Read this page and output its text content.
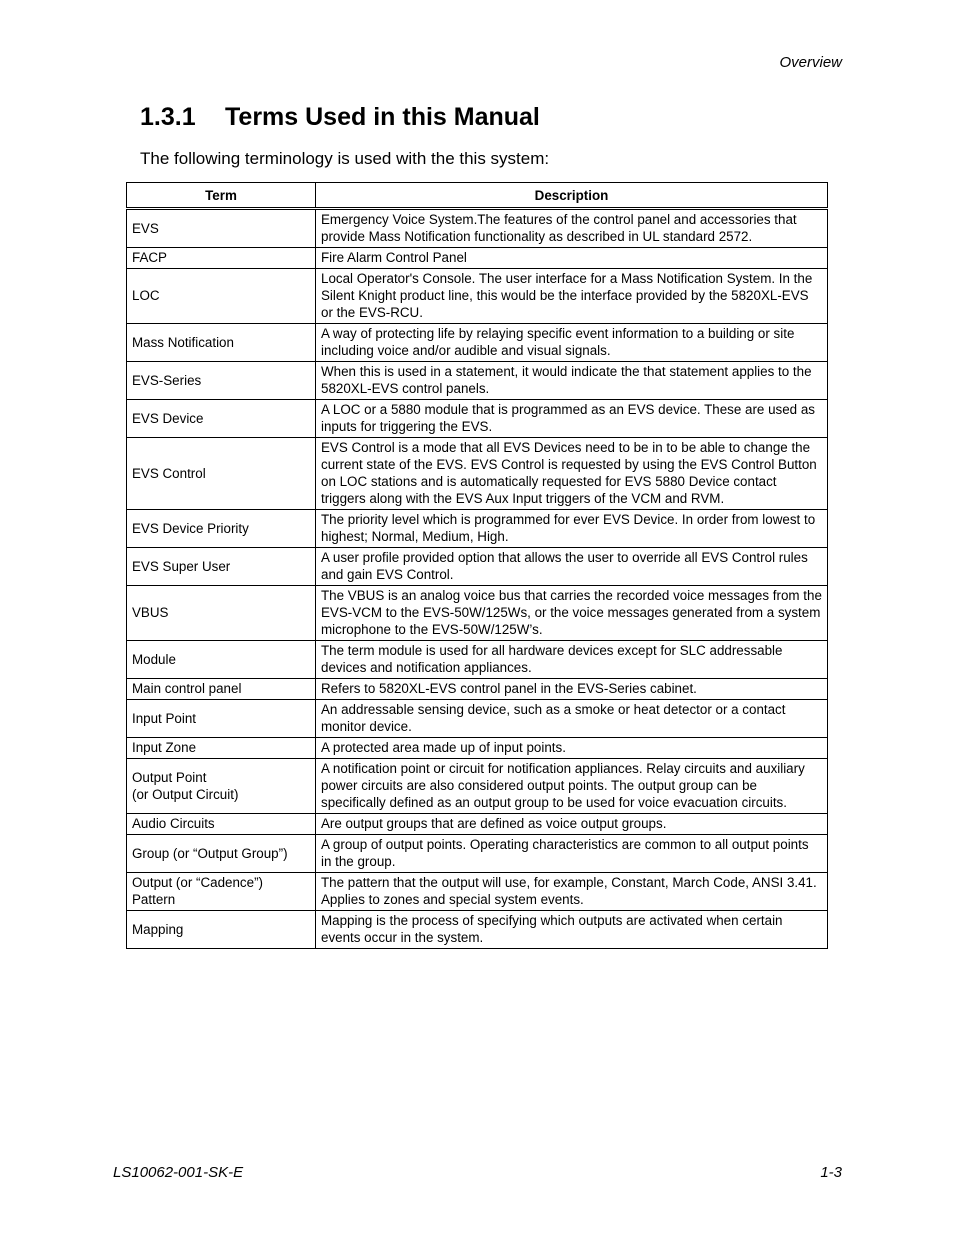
Overview
1.3.1 Terms Used in this Manual

The following terminology is used with the this system:

Term	Description
EVS	Emergency Voice System.The features of the control panel and accessories that provide Mass Notification functionality as described in UL standard 2572.
FACP	Fire Alarm Control Panel
LOC	Local Operator's Console. The user interface for a Mass Notification System. In the Silent Knight product line, this would be the interface provided by the 5820XL-EVS or the EVS-RCU.
Mass Notification	A way of protecting life by relaying specific event information to a building or site including voice and/or audible and visual signals.
EVS-Series	When this is used in a statement, it would indicate the that statement applies to the 5820XL-EVS control panels.
EVS Device	A LOC or a 5880 module that is programmed as an EVS device. These are used as inputs for triggering the EVS.
EVS Control	EVS Control is a mode that all EVS Devices need to be in to be able to change the current state of the EVS. EVS Control is requested by using the EVS Control Button on LOC stations and is automatically requested for EVS 5880 Device contact triggers along with the EVS Aux Input triggers of the VCM and RVM.
EVS Device Priority	The priority level which is programmed for ever EVS Device. In order from lowest to highest; Normal, Medium, High.
EVS Super User	A user profile provided option that allows the user to override all EVS Control rules and gain EVS Control.
VBUS	The VBUS is an analog voice bus that carries the recorded voice messages from the EVS-VCM to the EVS-50W/125Ws, or the voice messages generated from a system microphone to the EVS-50W/125W’s.
Module	The term module is used for all hardware devices except for SLC addressable devices and notification appliances.
Main control panel	Refers to 5820XL-EVS control panel in the EVS-Series cabinet.
Input Point	An addressable sensing device, such as a smoke or heat detector or a contact monitor device.
Input Zone	A protected area made up of input points.
Output Point
(or Output Circuit)	A notification point or circuit for notification appliances. Relay circuits and auxiliary power circuits are also considered output points. The output group can be specifically defined as an output group to be used for voice evacuation circuits.
Audio Circuits	Are output groups that are defined as voice output groups.
Group (or “Output Group”)	A group of output points. Operating characteristics are common to all output points in the group.
Output (or “Cadence”)
Pattern	The pattern that the output will use, for example, Constant, March Code, ANSI 3.41. Applies to zones and special system events.
Mapping	Mapping is the process of specifying which outputs are activated when certain events occur in the system.
LS10062-001-SK-E	1-3
